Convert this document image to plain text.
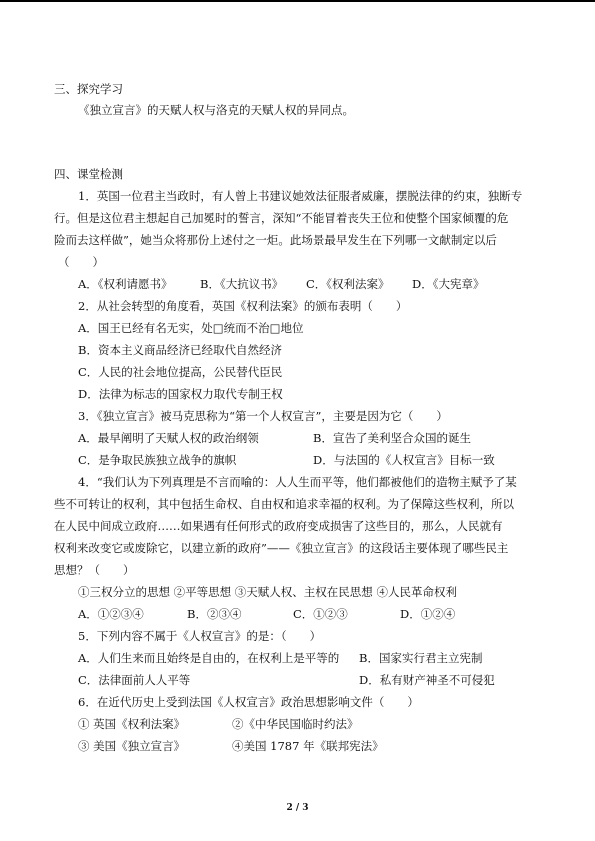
三、探究学习
《独立宣言》的天赋人权与洛克的天赋人权的异同点。
四、课堂检测
1．英国一位君主当政时，有人曾上书建议她效法征服者威廉，摆脱法律的约束，独断专
行。但是这位君主想起自己加冕时的誓言，深知“不能冒着丧失王位和使整个国家倾覆的危
险而去这样做”，她当众将那份上述付之一炬。此场景最早发生在下列哪一文献制定以后
（　　）
A．《权利请愿书》 B．《大抗议书》 C．《权利法案》 D．《大宪章》
2．从社会转型的角度看，英国《权利法案》的颁布表明（　　）
A．国王已经有名无实，处□统而不治□地位
B．资本主义商品经济已经取代自然经济
C．人民的社会地位提高，公民替代臣民
D．法律为标志的国家权力取代专制王权
3．《独立宣言》被马克思称为“第一个人权宣言”，主要是因为它（　　）
A．最早阐明了天赋人权的政治纲领	B．宣告了美利坚合众国的诞生
C．是争取民族独立战争的旗帜	D．与法国的《人权宣言》目标一致
4．“我们认为下列真理是不言而喻的：人人生而平等，他们都被他们的造物主赋予了某
些不可转让的权利，其中包括生命权、自由权和追求幸福的权利。为了保障这些权利，所以
在人民中间成立政府……如果遇有任何形式的政府变成损害了这些目的，那么，人民就有
权利来改变它或废除它，以建立新的政府”——《独立宣言》的这段话主要体现了哪些民主
思想？（　　）
①三权分立的思想 ②平等思想 ③天赋人权、主权在民思想 ④人民革命权利
A．①②③④	B．②③④	C．①②③	D．①②④
5．下列内容不属于《人权宣言》的是：（　　）
A．人们生来而且始终是自由的，在权利上是平等的 B．国家实行君主立宪制
C．法律面前人人平等	D．私有财产神圣不可侵犯
6．在近代历史上受到法国《人权宣言》政治思想影响文件（　　）
① 英国《权利法案》	②《中华民国临时约法》
③ 美国《独立宣言》	④美国 1787 年《联邦宪法》
2 / 3
